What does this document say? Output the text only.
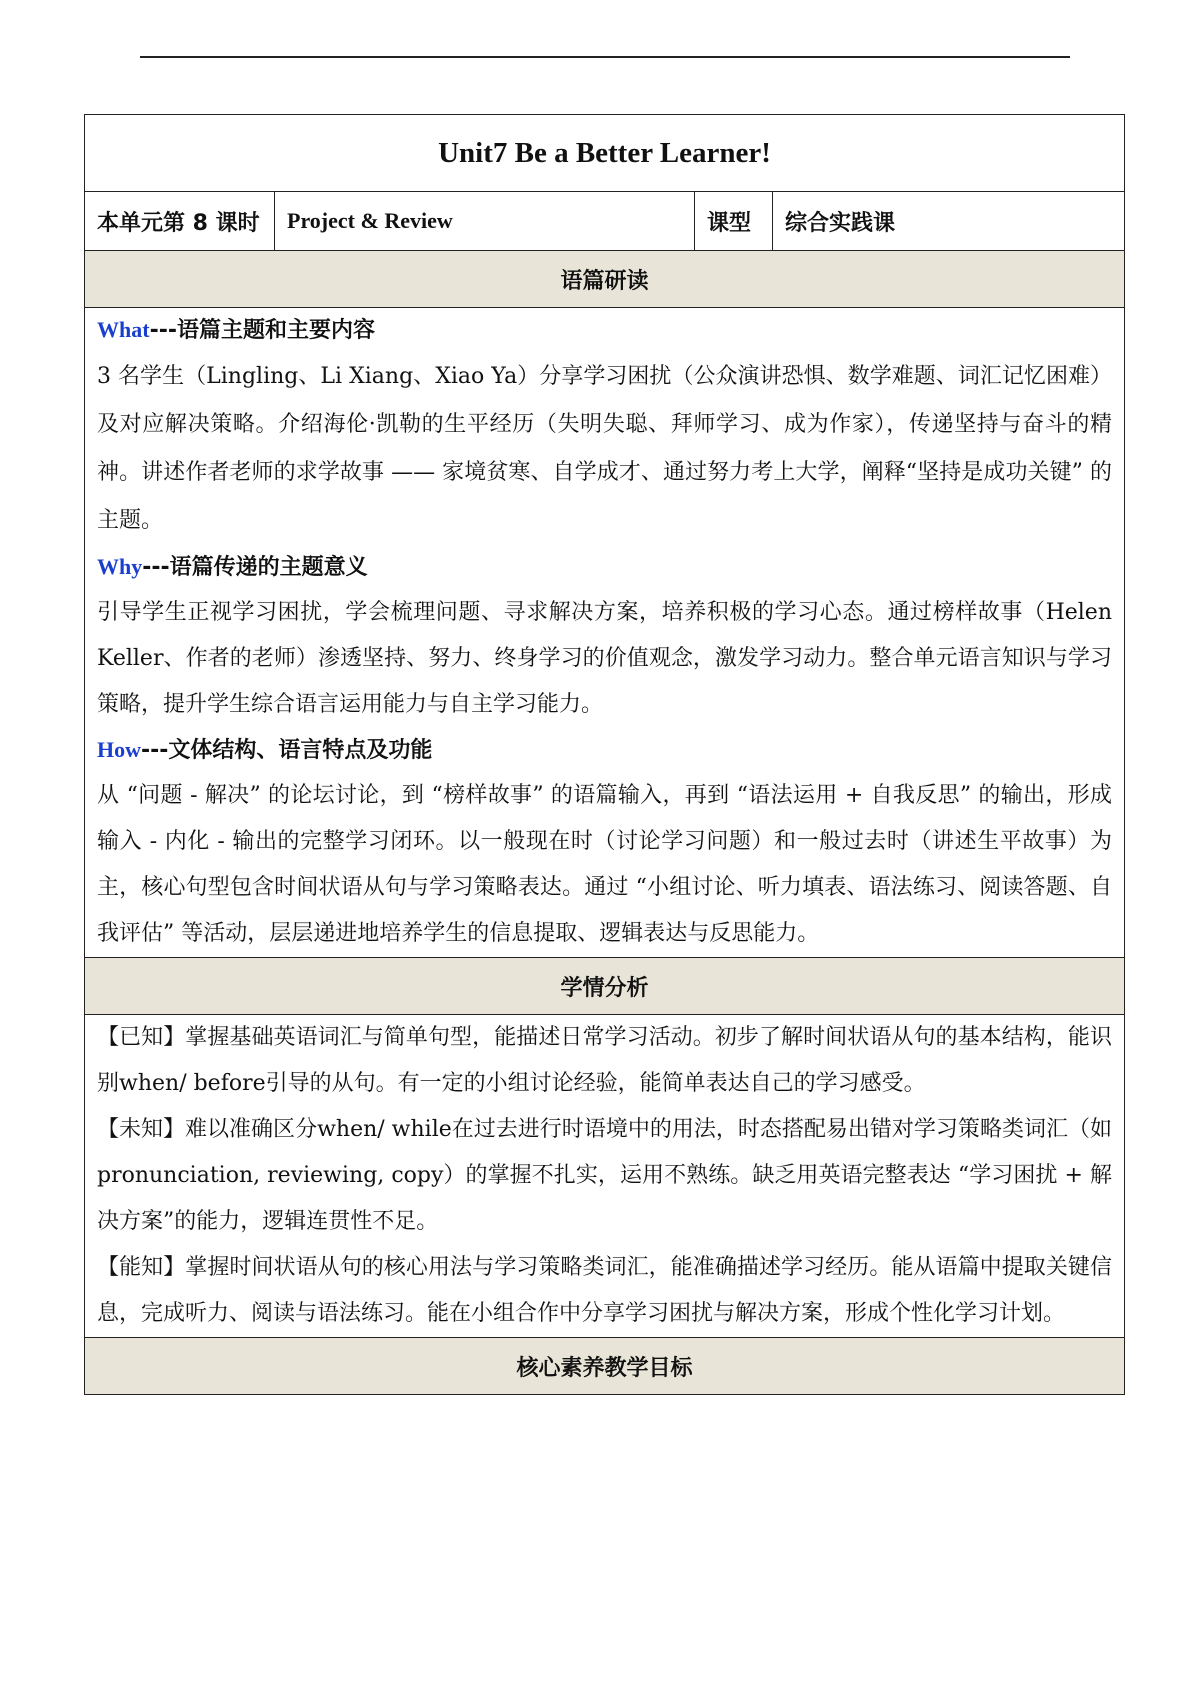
Unit7 Be a Better Learner!
本单元第 8 课时	Project & Review	课型	综合实践课
语篇研读

What---语篇主题和主要内容

3 名学生（Lingling、Li Xiang、Xiao Ya）分享学习困扰（公众演讲恐惧、数学难题、词汇记忆困难）及对应解决策略。介绍海伦·凯勒的生平经历（失明失聪、拜师学习、成为作家），传递坚持与奋斗的精神。讲述作者老师的求学故事 —— 家境贫寒、自学成才、通过努力考上大学，阐释“坚持是成功关键” 的主题。

Why---语篇传递的主题意义

引导学生正视学习困扰，学会梳理问题、寻求解决方案，培养积极的学习心态。通过榜样故事（Helen Keller、作者的老师）渗透坚持、努力、终身学习的价值观念，激发学习动力。整合单元语言知识与学习策略，提升学生综合语言运用能力与自主学习能力。

How---文体结构、语言特点及功能

从 “问题 - 解决” 的论坛讨论，到 “榜样故事” 的语篇输入，再到 “语法运用 + 自我反思” 的输出，形成输入 - 内化 - 输出的完整学习闭环。以一般现在时（讨论学习问题）和一般过去时（讲述生平故事）为主，核心句型包含时间状语从句与学习策略表达。通过 “小组讨论、听力填表、语法练习、阅读答题、自我评估” 等活动，层层递进地培养学生的信息提取、逻辑表达与反思能力。

学情分析

【已知】掌握基础英语词汇与简单句型，能描述日常学习活动。初步了解时间状语从句的基本结构，能识别when/ before引导的从句。有一定的小组讨论经验，能简单表达自己的学习感受。

【未知】难以准确区分when/ while在过去进行时语境中的用法，时态搭配易出错对学习策略类词汇（如pronunciation, reviewing, copy）的掌握不扎实，运用不熟练。缺乏用英语完整表达 “学习困扰 + 解决方案”的能力，逻辑连贯性不足。

【能知】掌握时间状语从句的核心用法与学习策略类词汇，能准确描述学习经历。能从语篇中提取关键信息，完成听力、阅读与语法练习。能在小组合作中分享学习困扰与解决方案，形成个性化学习计划。

核心素养教学目标
